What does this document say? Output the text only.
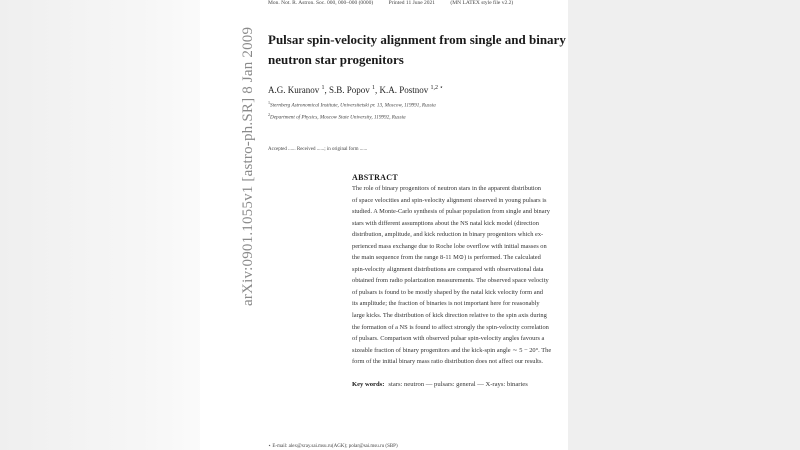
Mon. Not. R. Astron. Soc. 000, 000–000 (0000)	Printed 11 June 2021	(MN LATEX style file v2.2)
arXiv:0901.1055v1 [astro-ph.SR] 8 Jan 2009 Pulsar spin-velocity alignment from single and binary
neutron star progenitors
A.G. Kuranov $^1$, S.B. Popov $^1$, K.A. Postnov $^{1,2 ⋆}$
$^1$Sternberg Astronomical Institute, Universitetski pr. 13, Moscow, 119991, Russia
$^2$Department of Physics, Moscow State University, 119992, Russia
Accepted ...... Received ......; in original form ......
ABSTRACT
The role of binary progenitors of neutron stars in the apparent distribution
of space velocities and spin-velocity alignment observed in young pulsars is
studied. A Monte-Carlo synthesis of pulsar population from single and binary
stars with different assumptions about the NS natal kick model (direction
distribution, amplitude, and kick reduction in binary progenitors which ex-
perienced mass exchange due to Roche lobe overflow with initial masses on
the main sequence from the range 8-11 M⊙) is performed. The calculated
spin-velocity alignment distributions are compared with observational data
obtained from radio polarization measurements. The observed space velocity
of pulsars is found to be mostly shaped by the natal kick velocity form and
its amplitude; the fraction of binaries is not important here for reasonably
large kicks. The distribution of kick direction relative to the spin axis during
the formation of a NS is found to affect strongly the spin-velocity correlation
of pulsars. Comparison with observed pulsar spin-velocity angles favours a
sizeable fraction of binary progenitors and the kick-spin angle ∼ 5 − 20°. The
form of the initial binary mass ratio distribution does not affect our results.
Key words: stars: neutron — pulsars: general — X-rays: binaries
⋆ E-mail: alex@xray.sai.msu.ru(AGK); polar@sai.msu.ru (SBP)
